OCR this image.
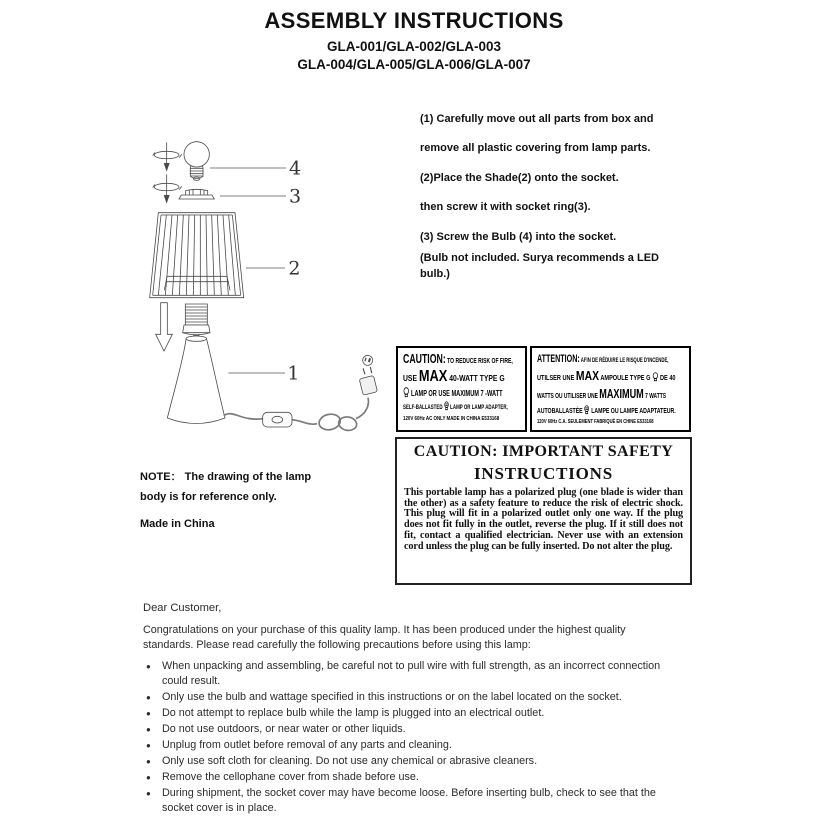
ASSEMBLY INSTRUCTIONS
GLA-001/GLA-002/GLA-003
GLA-004/GLA-005/GLA-006/GLA-007
4
3
2
1
(1) Carefully move out all parts from box and
remove all plastic covering from lamp parts.
(2)Place the Shade(2) onto the socket.
then screw it with socket ring(3).
(3) Screw the Bulb (4) into the socket.
(Bulb not included. Surya recommends a LED
bulb.)
CAUTION: TO REDUCE RISK OF FIRE,
USE MAX 40-WATT TYPE G
LAMP OR USE MAXIMUM 7 -WATT
SELF-BALLASTED LAMP OR LAMP ADAPTER,
120V 60Hz AC ONLY MADE IN CHINA E533168
ATTENTION: AFIN DE RÉDUIRE LE RISQUE D'INCENDE,
UTILSER UNE MAX AMPOULE TYPE G DE 40
WATTS OU UTILISER UNE MAXIMUM 7 WATTS
AUTOBALLASTÉE LAMPE OU LAMPE ADAPTATEUR.
120V 60Hz C.A. SEULEMENT FABRIQUÉ EN CHINE E533168
CAUTION: IMPORTANT SAFETY
INSTRUCTIONS
This portable lamp has a polarized plug (one blade is wider than the other) as a safety feature to reduce the risk of electric shock. This plug will fit in a polarized outlet only one way. If the plug does not fit fully in the outlet, reverse the plug. If it still does not fit, contact a qualified electrician. Never use with an extension cord unless the plug can be fully inserted. Do not alter the plug.
NOTE： The drawing of the lamp
body is for reference only.
Made in China
Dear Customer,
Congratulations on your purchase of this quality lamp. It has been produced under the highest quality standards. Please read carefully the following precautions before using this lamp:
● When unpacking and assembling, be careful not to pull wire with full strength, as an incorrect connection could result.
● Only use the bulb and wattage specified in this instructions or on the label located on the socket.
● Do not attempt to replace bulb while the lamp is plugged into an electrical outlet.
● Do not use outdoors, or near water or other liquids.
● Unplug from outlet before removal of any parts and cleaning.
● Only use soft cloth for cleaning. Do not use any chemical or abrasive cleaners.
● Remove the cellophane cover from shade before use.
● During shipment, the socket cover may have become loose. Before inserting bulb, check to see that the socket cover is in place.
